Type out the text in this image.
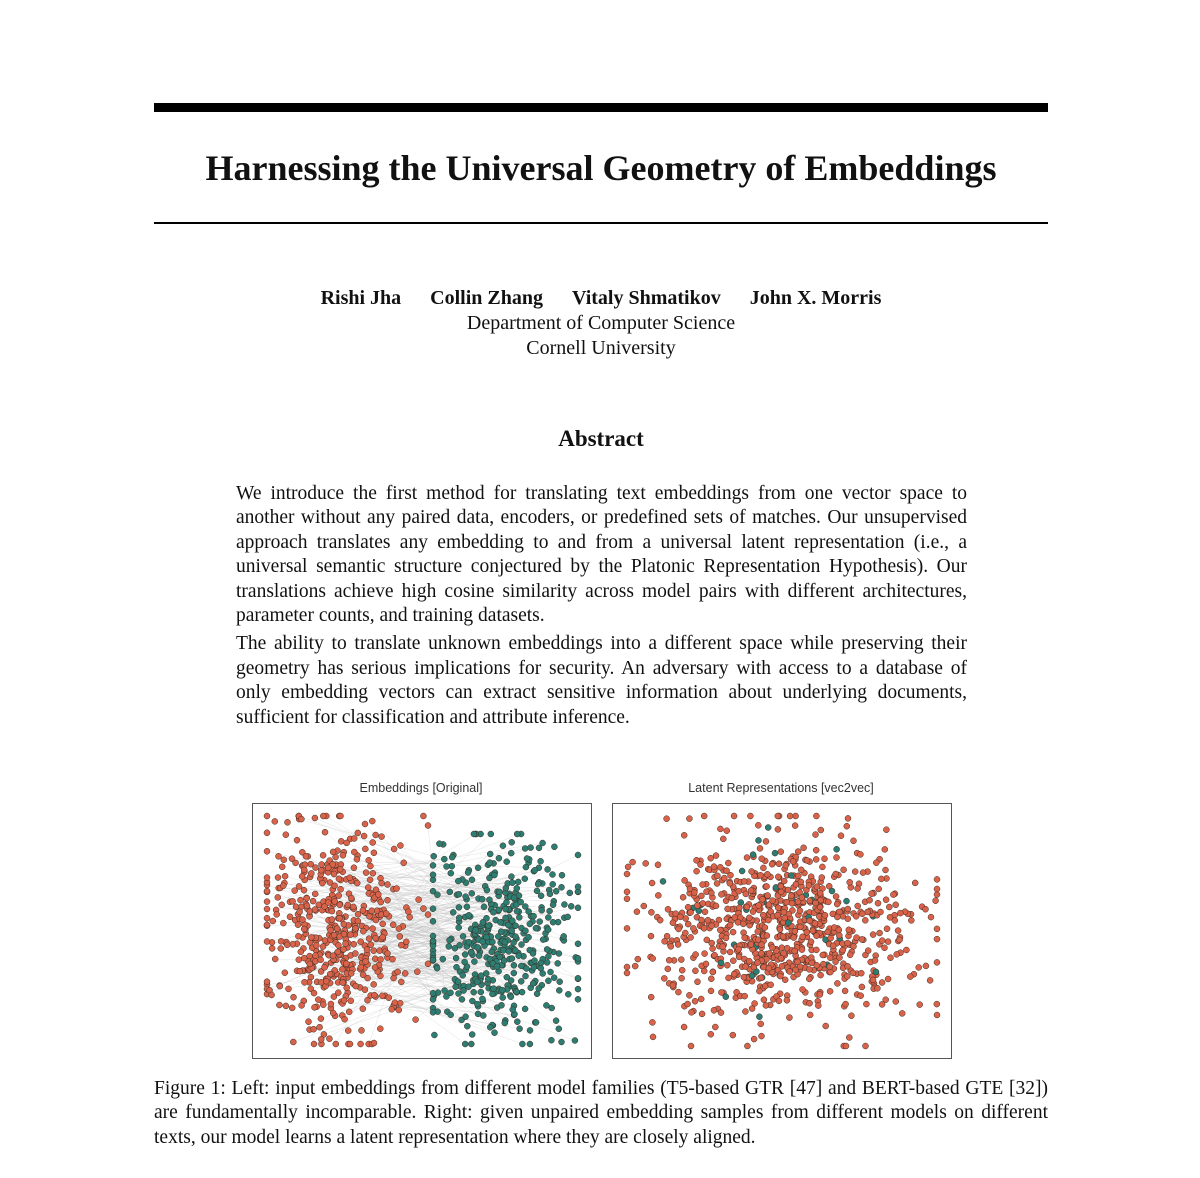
Harnessing the Universal Geometry of Embeddings
Rishi Jha Collin Zhang Vitaly Shmatikov John X. Morris
Department of Computer Science
Cornell University
Abstract

We introduce the first method for translating text embeddings from one vector space to another without any paired data, encoders, or predefined sets of matches. Our unsupervised approach translates any embedding to and from a universal latent representation (i.e., a universal semantic structure conjectured by the Platonic Representation Hypothesis). Our translations achieve high cosine similarity across model pairs with different architectures, parameter counts, and training datasets.

The ability to translate unknown embeddings into a different space while preserving their geometry has serious implications for security. An adversary with access to a database of only embedding vectors can extract sensitive information about underlying documents, sufficient for classification and attribute inference.

Embeddings [Original]	Latent Representations [vec2vec]
Figure 1: Left: input embeddings from different model families (T5-based GTR [47] and BERT-based GTE [32]) are fundamentally incomparable. Right: given unpaired embedding samples from different models on different texts, our model learns a latent representation where they are closely aligned.
